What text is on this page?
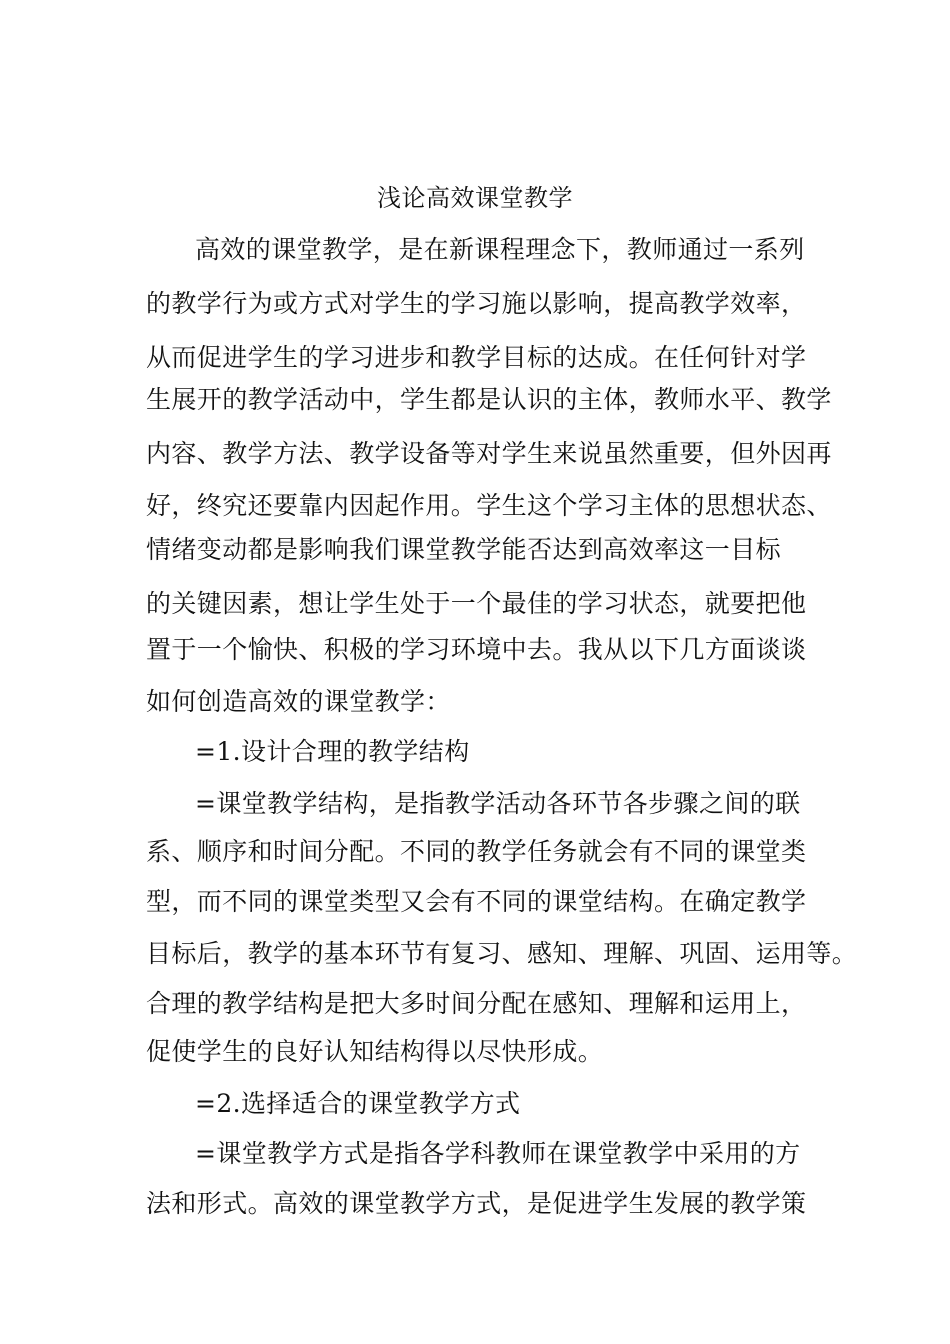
浅论高效课堂教学
高效的课堂教学，是在新课程理念下，教师通过一系列
的教学行为或方式对学生的学习施以影响，提高教学效率，
从而促进学生的学习进步和教学目标的达成。在任何针对学
生展开的教学活动中，学生都是认识的主体，教师水平、教学
内容、教学方法、教学设备等对学生来说虽然重要，但外因再
好，终究还要靠内因起作用。学生这个学习主体的思想状态、
情绪变动都是影响我们课堂教学能否达到高效率这一目标
的关键因素，想让学生处于一个最佳的学习状态，就要把他
置于一个愉快、积极的学习环境中去。我从以下几方面谈谈
如何创造高效的课堂教学：
=1.设计合理的教学结构
=课堂教学结构，是指教学活动各环节各步骤之间的联
系、顺序和时间分配。不同的教学任务就会有不同的课堂类
型，而不同的课堂类型又会有不同的课堂结构。在确定教学
目标后，教学的基本环节有复习、感知、理解、巩固、运用等。
合理的教学结构是把大多时间分配在感知、理解和运用上，
促使学生的良好认知结构得以尽快形成。
=2.选择适合的课堂教学方式
=课堂教学方式是指各学科教师在课堂教学中采用的方
法和形式。高效的课堂教学方式，是促进学生发展的教学策
